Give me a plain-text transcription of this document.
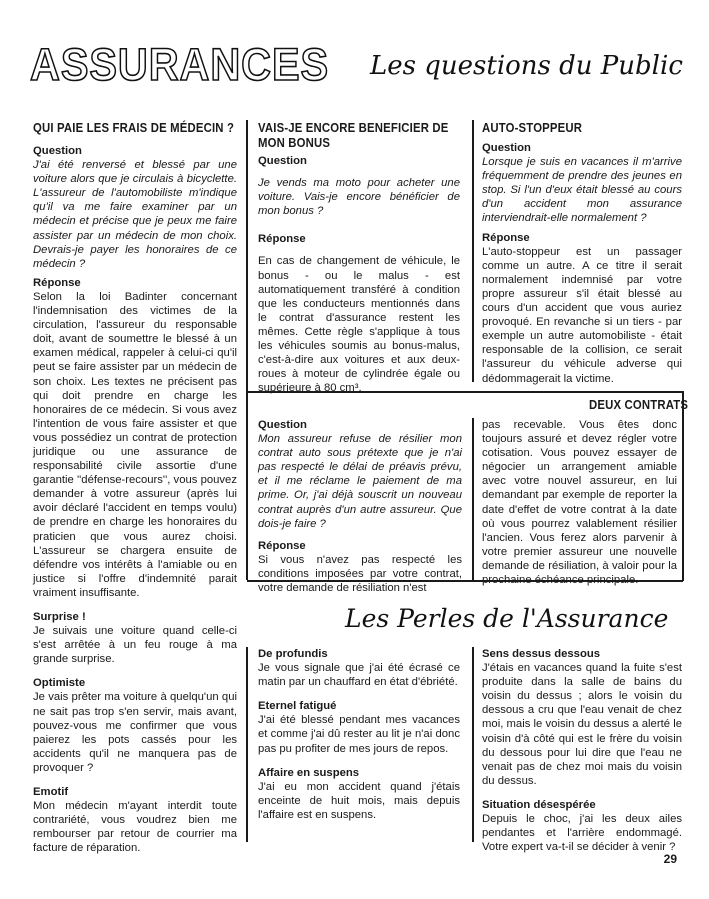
ASSURANCES Les questions du Public
QUI PAIE LES FRAIS DE MÉDECIN ?
Question

J'ai été renversé et blessé par une voiture alors que je circulais à bicyclette. L'assureur de l'automobiliste m'indique qu'il va me faire examiner par un médecin et précise que je peux me faire assister par un médecin de mon choix. Devrais-je payer les honoraires de ce médecin ?

Réponse

Selon la loi Badinter concernant l'indemnisation des victimes de la circulation, l'assureur du responsable doit, avant de soumettre le blessé à un examen médical, rappeler à celui-ci qu'il peut se faire assister par un médecin de son choix. Les textes ne précisent pas qui doit prendre en charge les honoraires de ce médecin. Si vous avez l'intention de vous faire assister et que vous possédiez un contrat de protection juridique ou une assurance de responsabilité civile assortie d'une garantie ''défense-recours'', vous pouvez demander à votre assureur (après lui avoir déclaré l'accident en temps voulu) de prendre en charge les honoraires du praticien que vous aurez choisi. L'assureur se chargera ensuite de défendre vos intérêts à l'amiable ou en justice si l'offre d'indemnité parait vraiment insuffisante.

VAIS-JE ENCORE BENEFICIER DE MON BONUS
Question

Je vends ma moto pour acheter une voiture. Vais-je encore bénéficier de mon bonus ?

Réponse

En cas de changement de véhicule, le bonus - ou le malus - est automatiquement transféré à condition que les conducteurs mentionnés dans le contrat d'assurance restent les mêmes. Cette règle s'applique à tous les véhicules soumis au bonus-malus, c'est-à-dire aux voitures et aux deux-roues à moteur de cylindrée égale ou supérieure à 80 cm³.

AUTO-STOPPEUR
Question

Lorsque je suis en vacances il m'arrive fréquemment de prendre des jeunes en stop. Si l'un d'eux était blessé au cours d'un accident mon assurance interviendrait-elle normalement ?

Réponse

L'auto-stoppeur est un passager comme un autre. A ce titre il serait normalement indemnisé par votre propre assureur s'il était blessé au cours d'un accident que vous auriez provoqué. En revanche si un tiers - par exemple un autre automobiliste - était responsable de la collision, ce serait l'assureur du véhicule adverse qui dédommagerait la victime.

DEUX CONTRATS
Question

Mon assureur refuse de résilier mon contrat auto sous prétexte que je n'ai pas respecté le délai de préavis prévu, et il me réclame le paiement de ma prime. Or, j'ai déjà souscrit un nouveau contrat auprès d'un autre assureur. Que dois-je faire ?

Réponse

Si vous n'avez pas respecté les conditions imposées par votre contrat, votre demande de résiliation n'est

pas recevable. Vous êtes donc toujours assuré et devez régler votre cotisation. Vous pouvez essayer de négocier un arrangement amiable avec votre nouvel assureur, en lui demandant par exemple de reporter la date d'effet de votre contrat à la date où vous pourrez valablement résilier l'ancien. Vous ferez alors parvenir à votre premier assureur une nouvelle demande de résiliation, à valoir pour la prochaine échéance principale.

Les Perles de l'Assurance
Surprise !

Je suivais une voiture quand celle-ci s'est arrêtée à un feu rouge à ma grande surprise.

Optimiste

Je vais prêter ma voiture à quelqu'un qui ne sait pas trop s'en servir, mais avant, pouvez-vous me confirmer que vous paierez les pots cassés pour les accidents qu'il ne manquera pas de provoquer ?

Emotif

Mon médecin m'ayant interdit toute contrariété, vous voudrez bien me rembourser par retour de courrier ma facture de réparation.

De profundis

Je vous signale que j'ai été écrasé ce matin par un chauffard en état d'ébriété.

Eternel fatigué

J'ai été blessé pendant mes vacances et comme j'ai dû rester au lit je n'ai donc pas pu profiter de mes jours de repos.

Affaire en suspens

J'ai eu mon accident quand j'étais enceinte de huit mois, mais depuis l'affaire est en suspens.

Sens dessus dessous

J'étais en vacances quand la fuite s'est produite dans la salle de bains du voisin du dessus ; alors le voisin du dessous a cru que l'eau venait de chez moi, mais le voisin du dessus a alerté le voisin d'à côté qui est le frère du voisin du dessous pour lui dire que l'eau ne venait pas de chez moi mais du voisin du dessus.

Situation désespérée

Depuis le choc, j'ai les deux ailes pendantes et l'arrière endommagé. Votre expert va-t-il se décider à venir ?

29
